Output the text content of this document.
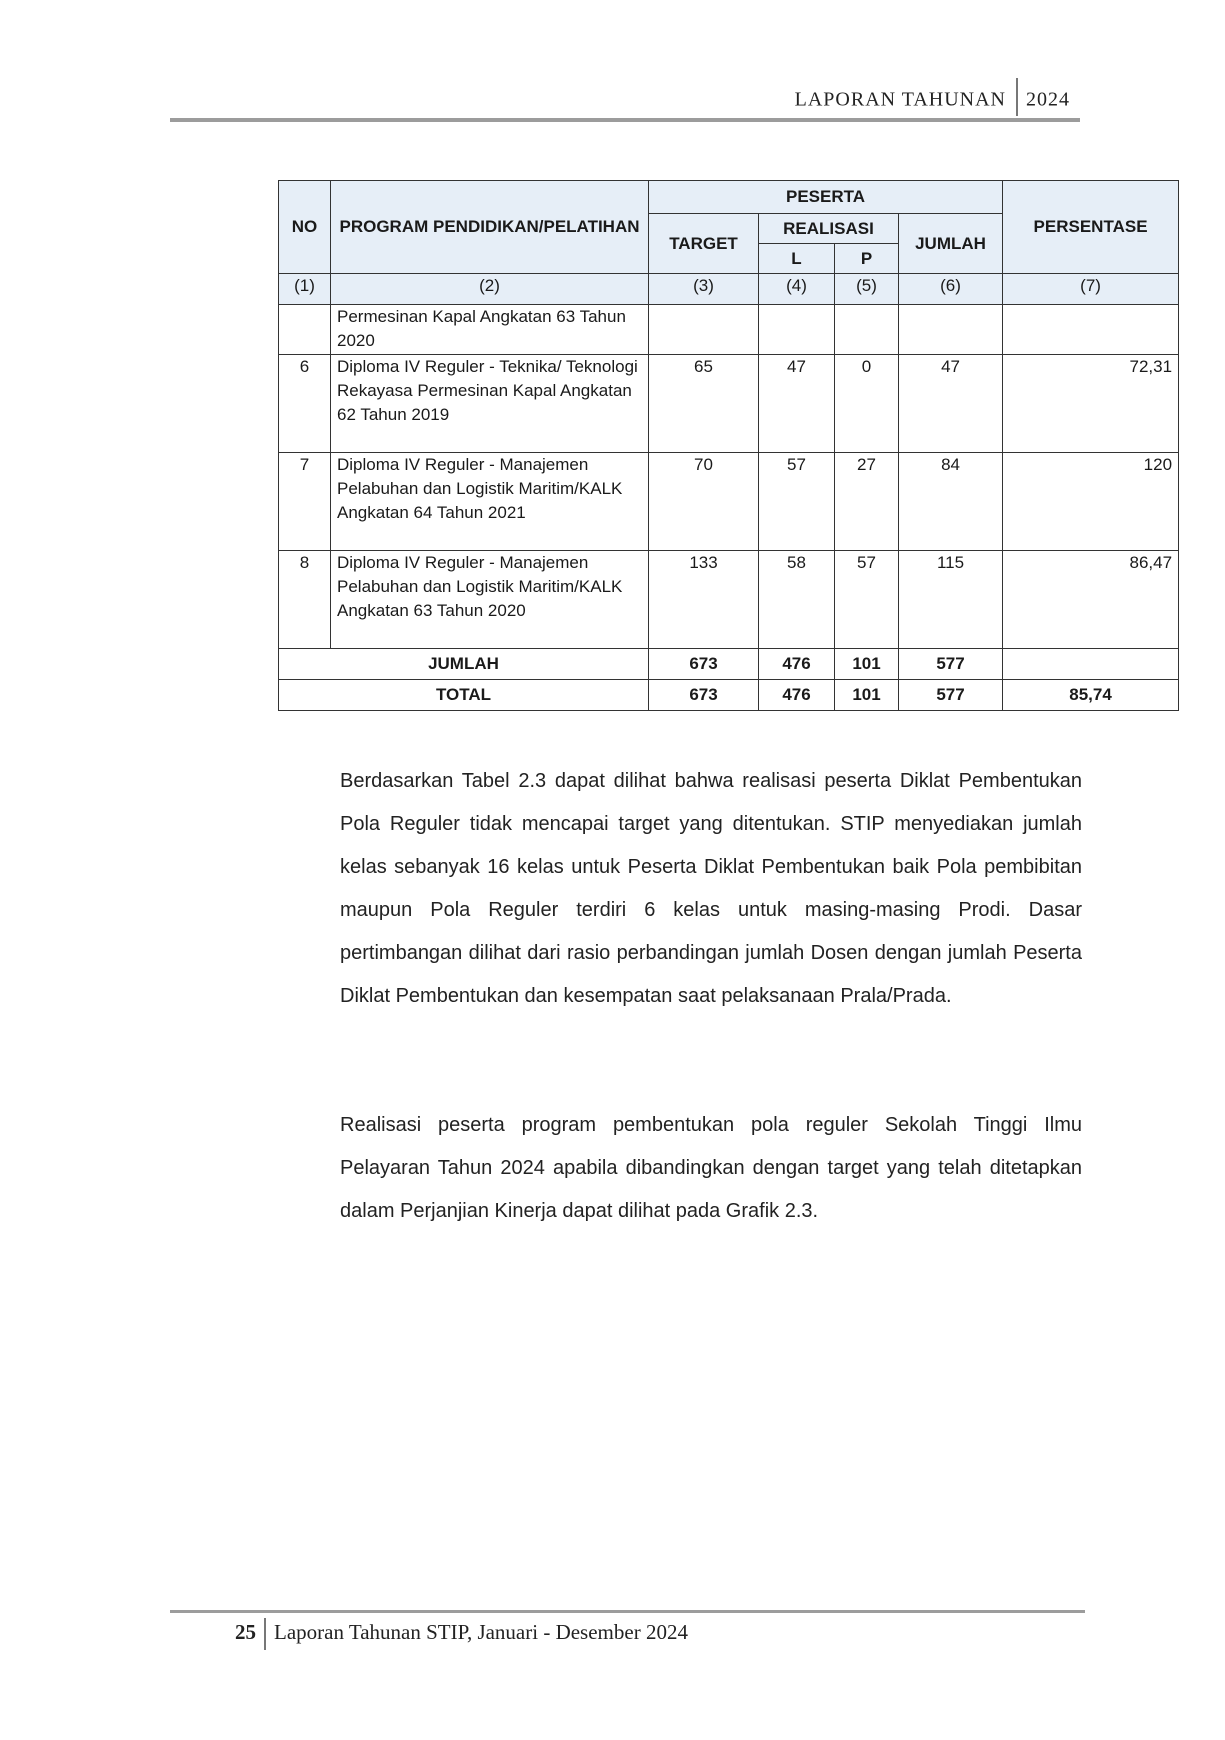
LAPORAN TAHUNAN 2024
NO	PROGRAM PENDIDIKAN/PELATIHAN	PESERTA				PERSENTASE
		TARGET	REALISASI		JUMLAH	
			L	P		
(1)	(2)	(3)	(4)	(5)	(6)	(7)
	Permesinan Kapal Angkatan 63 Tahun 2020					
6	Diploma IV Reguler - Teknika/ Teknologi Rekayasa Permesinan Kapal Angkatan 62 Tahun 2019	65	47	0	47	72,31
7	Diploma IV Reguler - Manajemen Pelabuhan dan Logistik Maritim/KALK Angkatan 64 Tahun 2021	70	57	27	84	120
8	Diploma IV Reguler - Manajemen Pelabuhan dan Logistik Maritim/KALK Angkatan 63 Tahun 2020	133	58	57	115	86,47
JUMLAH		673	476	101	577	
TOTAL		673	476	101	577	85,74

Berdasarkan Tabel 2.3 dapat dilihat bahwa realisasi peserta Diklat Pembentukan Pola Reguler tidak mencapai target yang ditentukan. STIP menyediakan jumlah kelas sebanyak 16 kelas untuk Peserta Diklat Pembentukan baik Pola pembibitan maupun Pola Reguler terdiri 6 kelas untuk masing-masing Prodi. Dasar pertimbangan dilihat dari rasio perbandingan jumlah Dosen dengan jumlah Peserta Diklat Pembentukan dan kesempatan saat pelaksanaan Prala/Prada.

Realisasi peserta program pembentukan pola reguler Sekolah Tinggi Ilmu Pelayaran Tahun 2024 apabila dibandingkan dengan target yang telah ditetapkan dalam Perjanjian Kinerja dapat dilihat pada Grafik 2.3.

25 Laporan Tahunan STIP, Januari - Desember 2024
